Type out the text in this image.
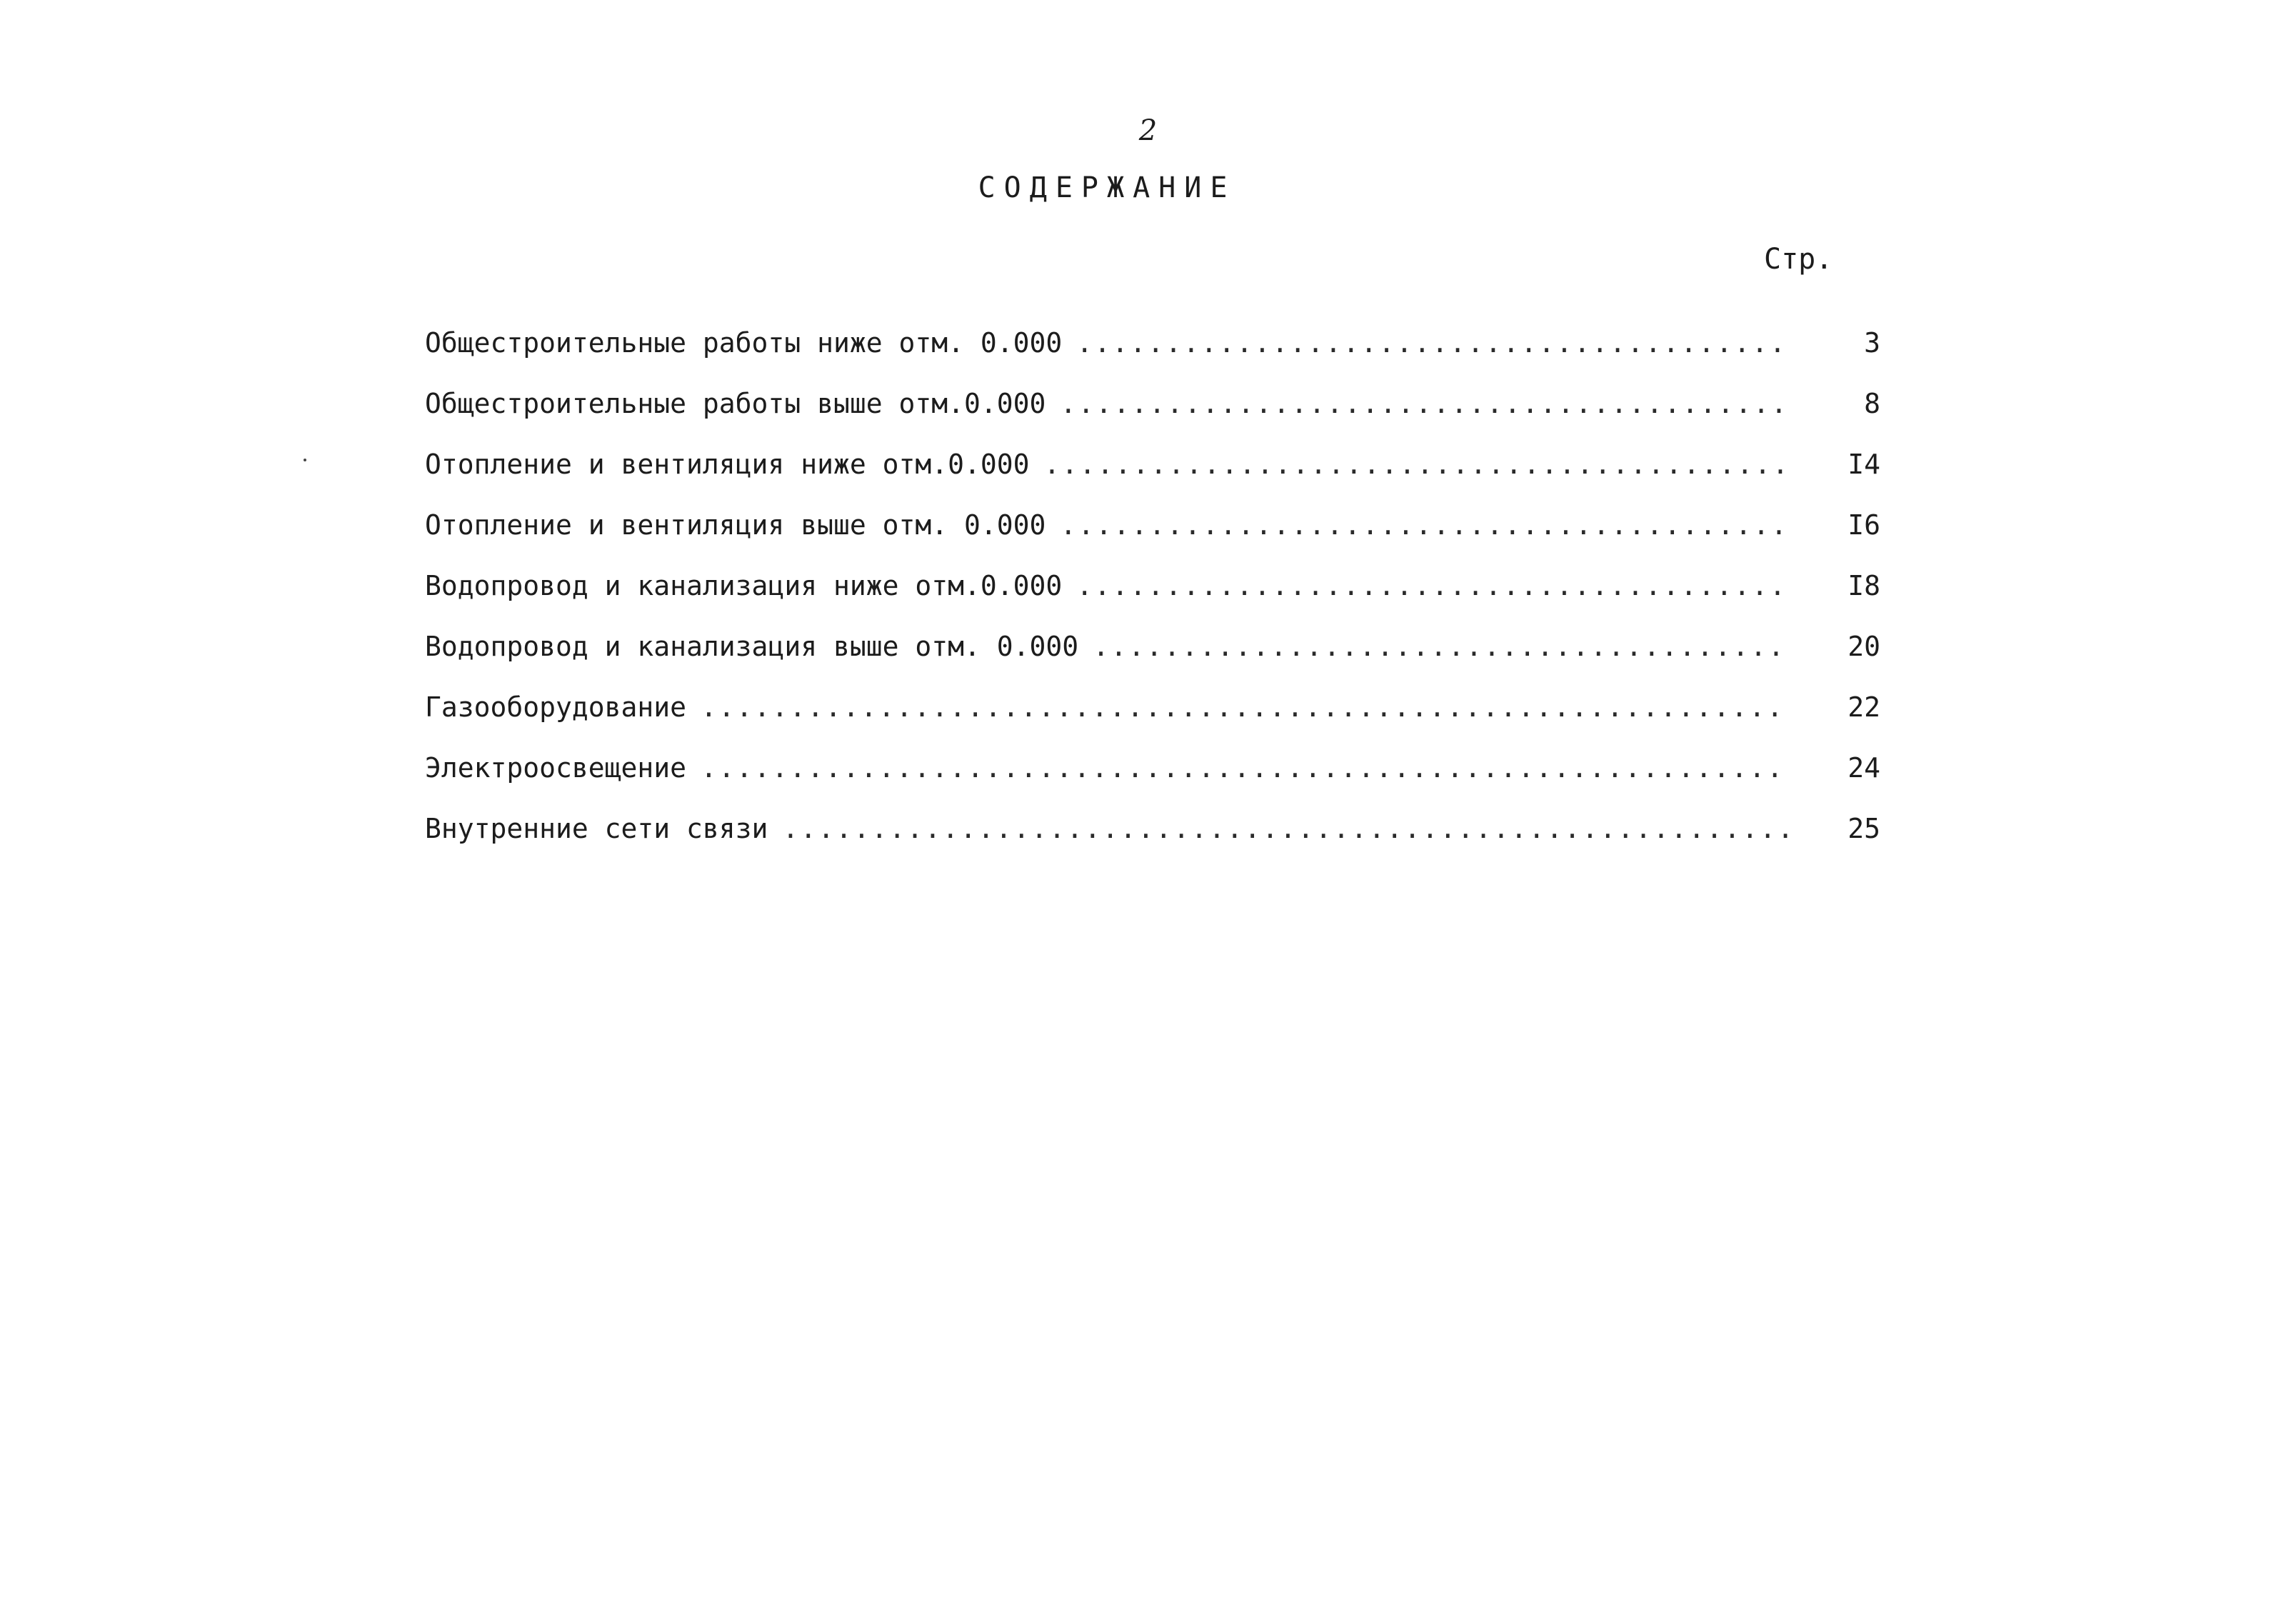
2
СОДЕРЖАНИЕ
Стр.
Общестроительные работы ниже отм. 0.000 .....	3
Общестроительные работы выше отм.0.000 .....	8
Отопление и вентиляция ниже отм.0.000 .....	I4
Отопление и вентиляция выше отм. 0.000 .....	I6
Водопровод и канализация ниже отм.0.000 .....	I8
Водопровод и канализация выше отм. 0.000 .....	20
Газооборудование .....	22
Электроосвещение .....	24
Внутренние сети связи .....	25
